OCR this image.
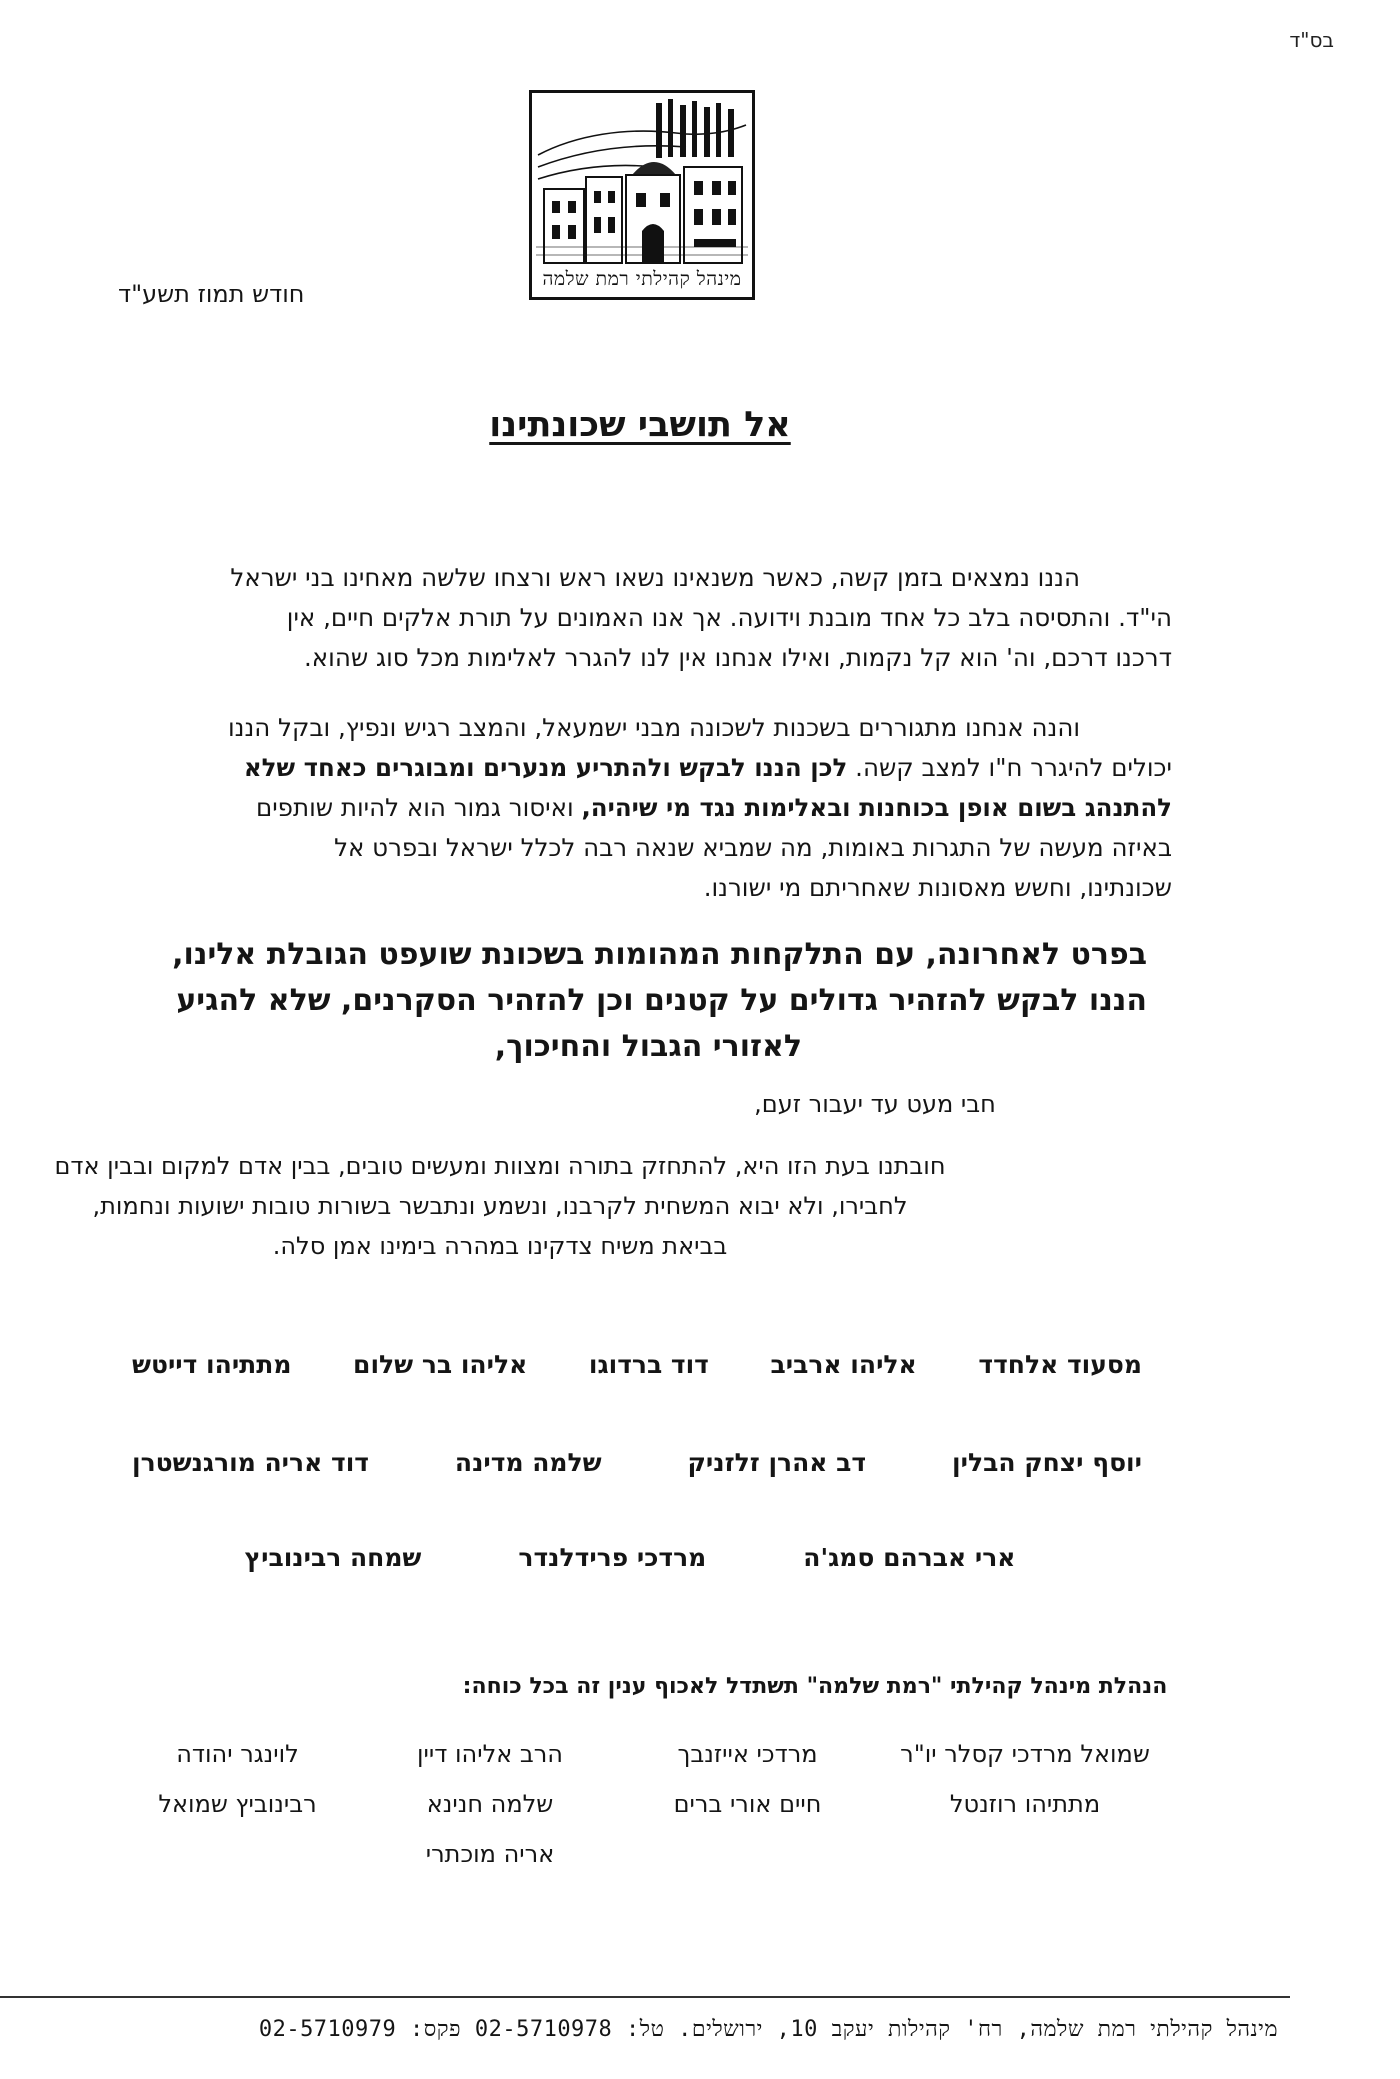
בס"ד
מינהל קהילתי רמת שלמה
חודש תמוז תשע"ד
אל תושבי שכונתינו

הננו נמצאים בזמן קשה, כאשר משנאינו נשאו ראש ורצחו שלשה מאחינו בני ישראל

הי"ד. והתסיסה בלב כל אחד מובנת וידועה. אך אנו האמונים על תורת אלקים חיים, אין

דרכנו דרכם, וה' הוא קל נקמות, ואילו אנחנו אין לנו להגרר לאלימות מכל סוג שהוא.

והנה אנחנו מתגוררים בשכנות לשכונה מבני ישמעאל, והמצב רגיש ונפיץ, ובקל הננו

יכולים להיגרר ח"ו למצב קשה. לכן הננו לבקש ולהתריע מנערים ומבוגרים כאחד שלא

להתנהג בשום אופן בכוחנות ובאלימות נגד מי שיהיה, ואיסור גמור הוא להיות שותפים

באיזה מעשה של התגרות באומות, מה שמביא שנאה רבה לכלל ישראל ובפרט אל

שכונתינו, וחשש מאסונות שאחריתם מי ישורנו.

בפרט לאחרונה, עם התלקחות המהומות בשכונת שועפט הגובלת אלינו,
הננו לבקש להזהיר גדולים על קטנים וכן להזהיר הסקרנים, שלא להגיע
לאזורי הגבול והחיכוך,
חבי מעט עד יעבור זעם,
חובתנו בעת הזו היא, להתחזק בתורה ומצוות ומעשים טובים, בבין אדם למקום ובבין אדם
לחבירו, ולא יבוא המשחית לקרבנו, ונשמע ונתבשר בשורות טובות ישועות ונחמות,
בביאת משיח צדקינו במהרה בימינו אמן סלה.
מסעוד אלחדד
אליהו ארביב
דוד ברדוגו
אליהו בר שלום
מתתיהו דייטש
יוסף יצחק הבלין
דב אהרן זלזניק
שלמה מדינה
דוד אריה מורגנשטרן
ארי אברהם סמג'ה
מרדכי פרידלנדר
שמחה רבינוביץ
הנהלת מינהל קהילתי "רמת שלמה" תשתדל לאכוף ענין זה בכל כוחה:
שמואל מרדכי קסלר יו"ר
מרדכי אייזנבך
הרב אליהו דיין
לוינגר יהודה
מתתיהו רוזנטל
חיים אורי ברים
שלמה חנינא
רבינוביץ שמואל
אריה מוכתרי
מינהל קהילתי רמת שלמה, רח' קהילות יעקב 10, ירושלים. טל: 02-5710978 פקס: 02-5710979
